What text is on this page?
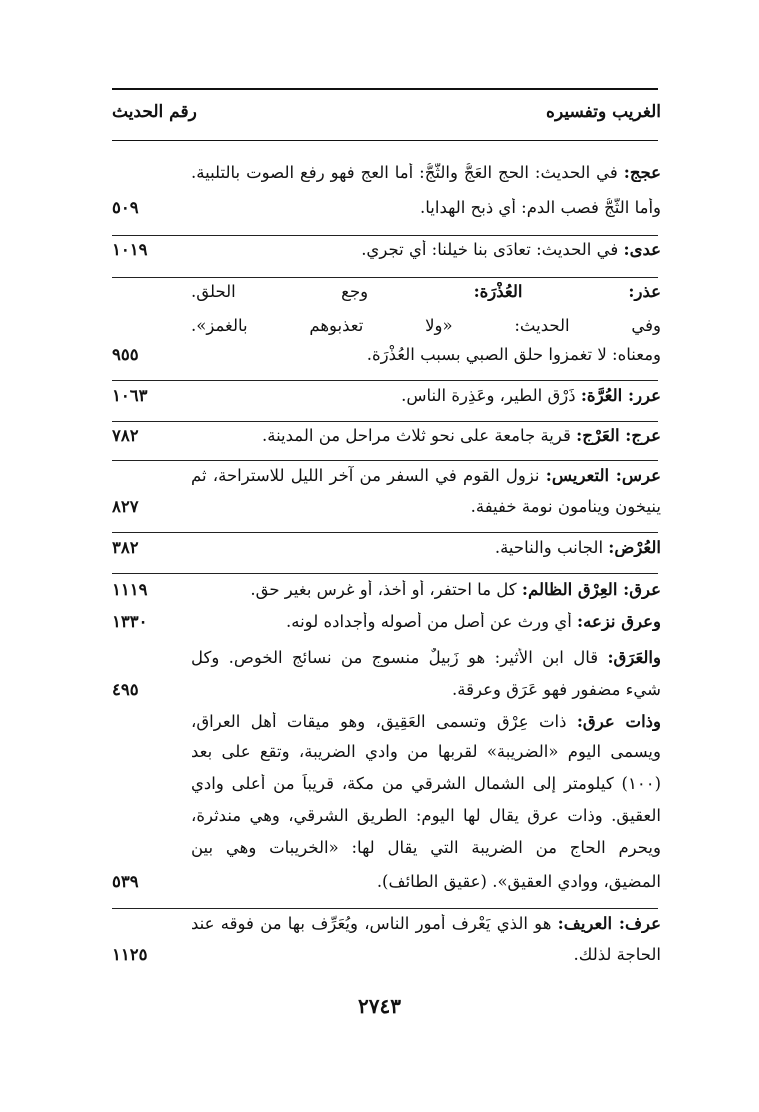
الغريب وتفسيره
رقم الحديث
عجج: في الحديث: الحج العَجُّ والثَّجُّ: أما العج فهو رفع الصوت بالتلبية.
وأما الثَّجُّ فصب الدم: أي ذبح الهدايا.
٥٠٩
عدى: في الحديث: تعادَى بنا خيلنا: أي تجري.
١٠١٩
عذر: العُذْرَة: وجع الحلق.
وفي الحديث: «ولا تعذبوهم بالغمز».
ومعناه: لا تغمزوا حلق الصبي بسبب العُذْرَة.
٩٥٥
عرر: العُرَّة: ذَرْق الطير، وعَذِرة الناس.
١٠٦٣
عرج: العَرْج: قرية جامعة على نحو ثلاث مراحل من المدينة.
٧٨٢
عرس: التعريس: نزول القوم في السفر من آخر الليل للاستراحة، ثم
ينيخون وينامون نومة خفيفة.
٨٢٧
العُرْض: الجانب والناحية.
٣٨٢
عرق: العِرْق الظالم: كل ما احتفر، أو أخذ، أو غرس بغير حق.
١١١٩
وعرق نزعه: أي ورث عن أصل من أصوله وأجداده لونه.
١٣٣٠
والعَرَق: قال ابن الأثير: هو زَبِيلٌ منسوج من نسائج الخوص. وكل
شيء مضفور فهو عَرَق وعرقة.
٤٩٥
وذات عرق: ذات عِرْقٍ وتسمى العَقِيق، وهو ميقات أهل العراق،
ويسمى اليوم «الضريبة» لقربها من وادي الضريبة، وتقع على بعد
(١٠٠) كيلومتر إلى الشمال الشرقي من مكة، قريباً من أعلى وادي
العقيق. وذات عرق يقال لها اليوم: الطريق الشرقي، وهي مندثرة،
ويحرم الحاج من الضريبة التي يقال لها: «الخريبات وهي بين
المضيق، ووادي العقيق». (عقيق الطائف).
٥٣٩
عرف: العريف: هو الذي يَعْرِف أمور الناس، ويُعَرِّف بها من فوقه عند
الحاجة لذلك.
١١٢٥
٢٧٤٣
